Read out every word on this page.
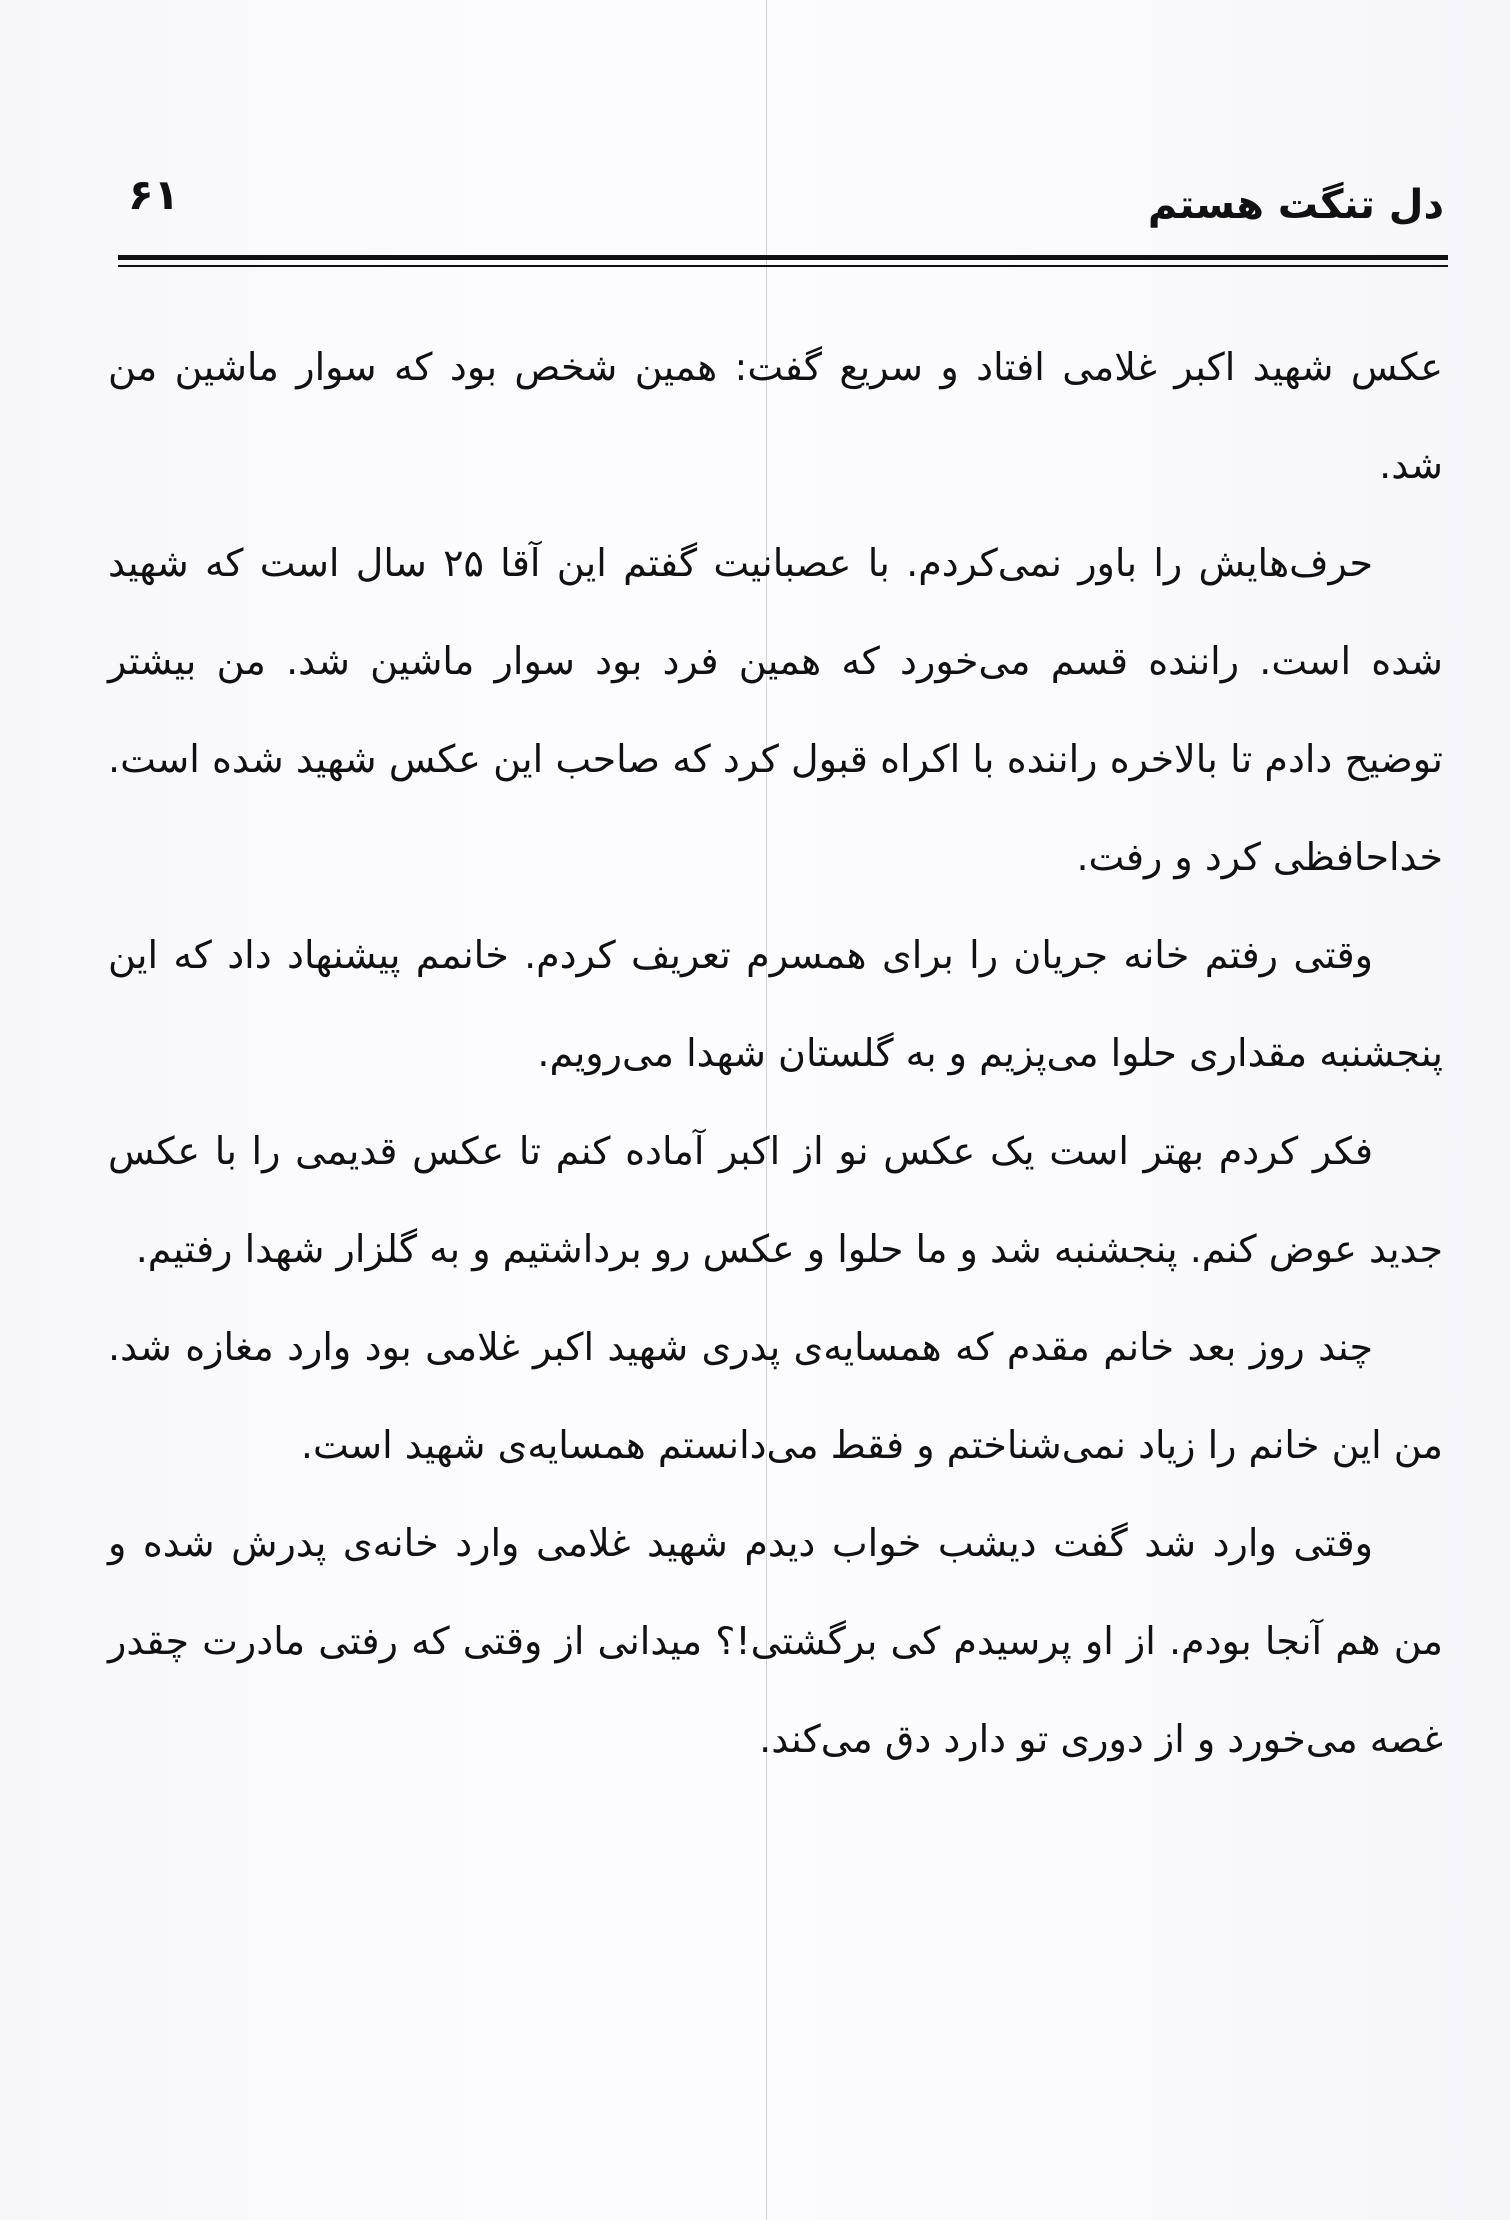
۶۱	دل تنگت هستم

عکس شهید اکبر غلامی افتاد و سریع گفت: همین شخص بود که سوار ماشین من شد.

حرف‌هایش را باور نمی‌کردم. با عصبانیت گفتم این آقا ۲۵ سال است که شهید شده است. راننده قسم می‌خورد که همین فرد بود سوار ماشین شد. من بیشتر توضیح دادم تا بالاخره راننده با اکراه قبول کرد که صاحب این عکس شهید شده است. خداحافظی کرد و رفت.

وقتی رفتم خانه جریان را برای همسرم تعریف کردم. خانمم پیشنهاد داد که این پنجشنبه مقداری حلوا می‌پزیم و به گلستان شهدا می‌رویم.

فکر کردم بهتر است یک عکس نو از اکبر آماده کنم تا عکس قدیمی را با عکس جدید عوض کنم. پنجشنبه شد و ما حلوا و عکس رو برداشتیم و به گلزار شهدا رفتیم.

چند روز بعد خانم مقدم که همسایه‌ی پدری شهید اکبر غلامی بود وارد مغازه شد. من این خانم را زیاد نمی‌شناختم و فقط می‌دانستم همسایه‌ی شهید است.

وقتی وارد شد گفت دیشب خواب دیدم شهید غلامی وارد خانه‌ی پدرش شده و من هم آنجا بودم. از او پرسیدم کی برگشتی!؟ میدانی از وقتی که رفتی مادرت چقدر غصه می‌خورد و از دوری تو دارد دق می‌کند.
